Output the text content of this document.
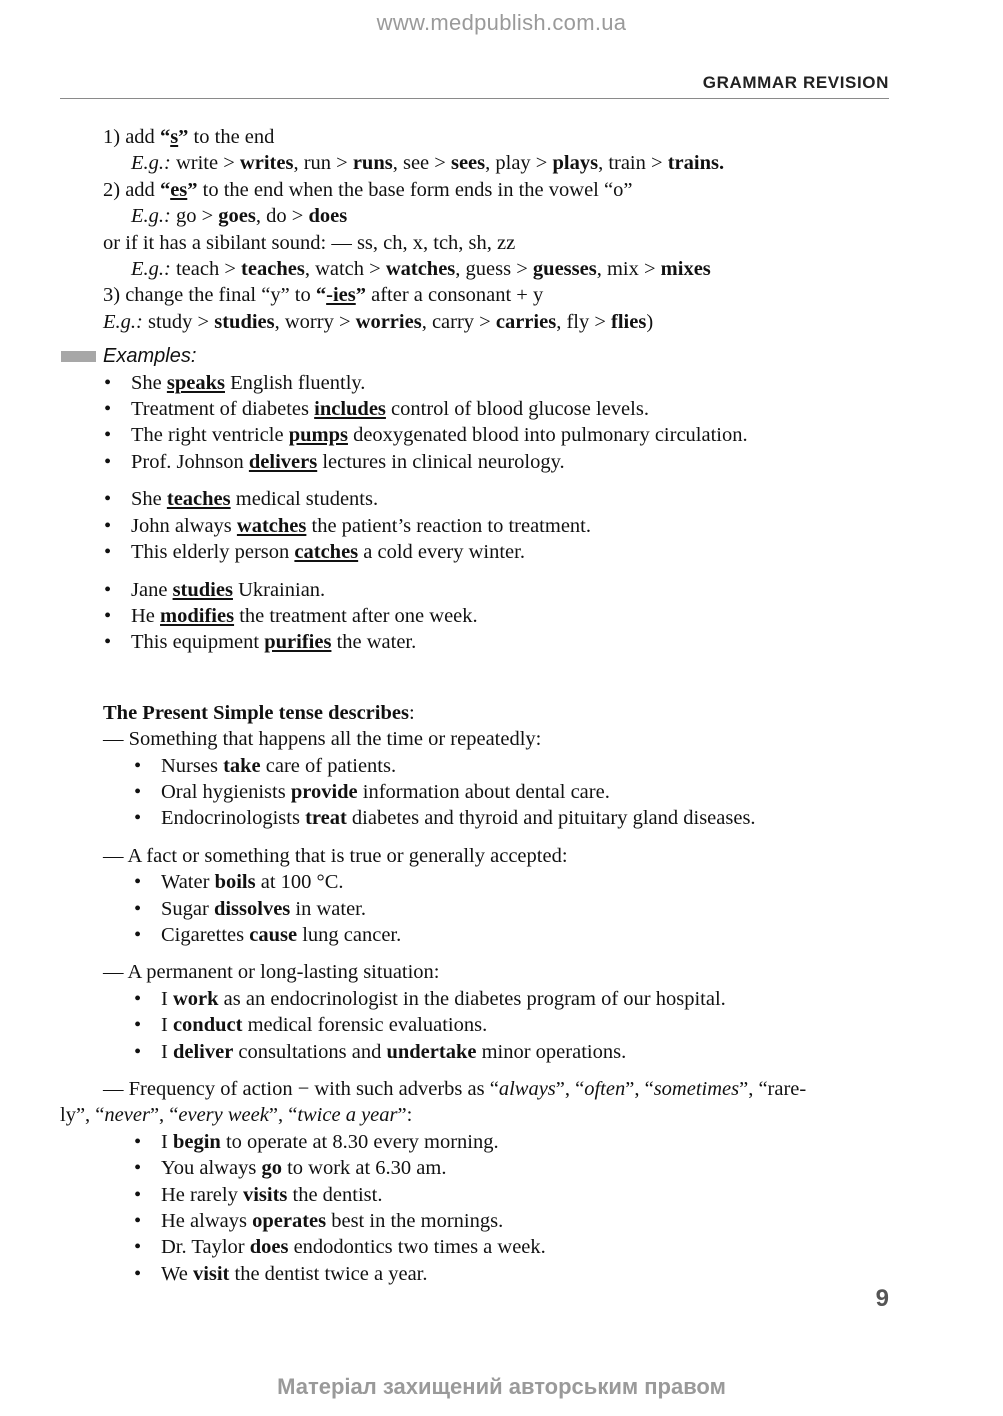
www.medpublish.com.ua
GRAMMAR REVISION
1) add “s” to the end
E.g.: write > writes, run > runs, see > sees, play > plays, train > trains.
2) add “es” to the end when the base form ends in the vowel “o”
E.g.: go > goes, do > does
or if it has a sibilant sound: — ss, ch, x, tch, sh, zz
E.g.: teach > teaches, watch > watches, guess > guesses, mix > mixes
3) change the final “y” to “-ies” after a consonant + y
E.g.: study > studies, worry > worries, carry > carries, fly > flies)
Examples:
• She speaks English fluently.
• Treatment of diabetes includes control of blood glucose levels.
• The right ventricle pumps deoxygenated blood into pulmonary circulation.
• Prof. Johnson delivers lectures in clinical neurology.
• She teaches medical students.
• John always watches the patient’s reaction to treatment.
• This elderly person catches a cold every winter.
• Jane studies Ukrainian.
• He modifies the treatment after one week.
• This equipment purifies the water.
The Present Simple tense describes:
— Something that happens all the time or repeatedly:
• Nurses take care of patients.
• Oral hygienists provide information about dental care.
• Endocrinologists treat diabetes and thyroid and pituitary gland diseases.
— A fact or something that is true or generally accepted:
• Water boils at 100 °C.
• Sugar dissolves in water.
• Cigarettes cause lung cancer.
— A permanent or long-lasting situation:
• I work as an endocrinologist in the diabetes program of our hospital.
• I conduct medical forensic evaluations.
• I deliver consultations and undertake minor operations.
— Frequency of action − with such adverbs as “always”, “often”, “sometimes”, “rare-
ly”, “never”, “every week”, “twice a year”:
• I begin to operate at 8.30 every morning.
• You always go to work at 6.30 am.
• He rarely visits the dentist.
• He always operates best in the mornings.
• Dr. Taylor does endodontics two times a week.
• We visit the dentist twice a year.
9
Матеріал захищений авторським правом
